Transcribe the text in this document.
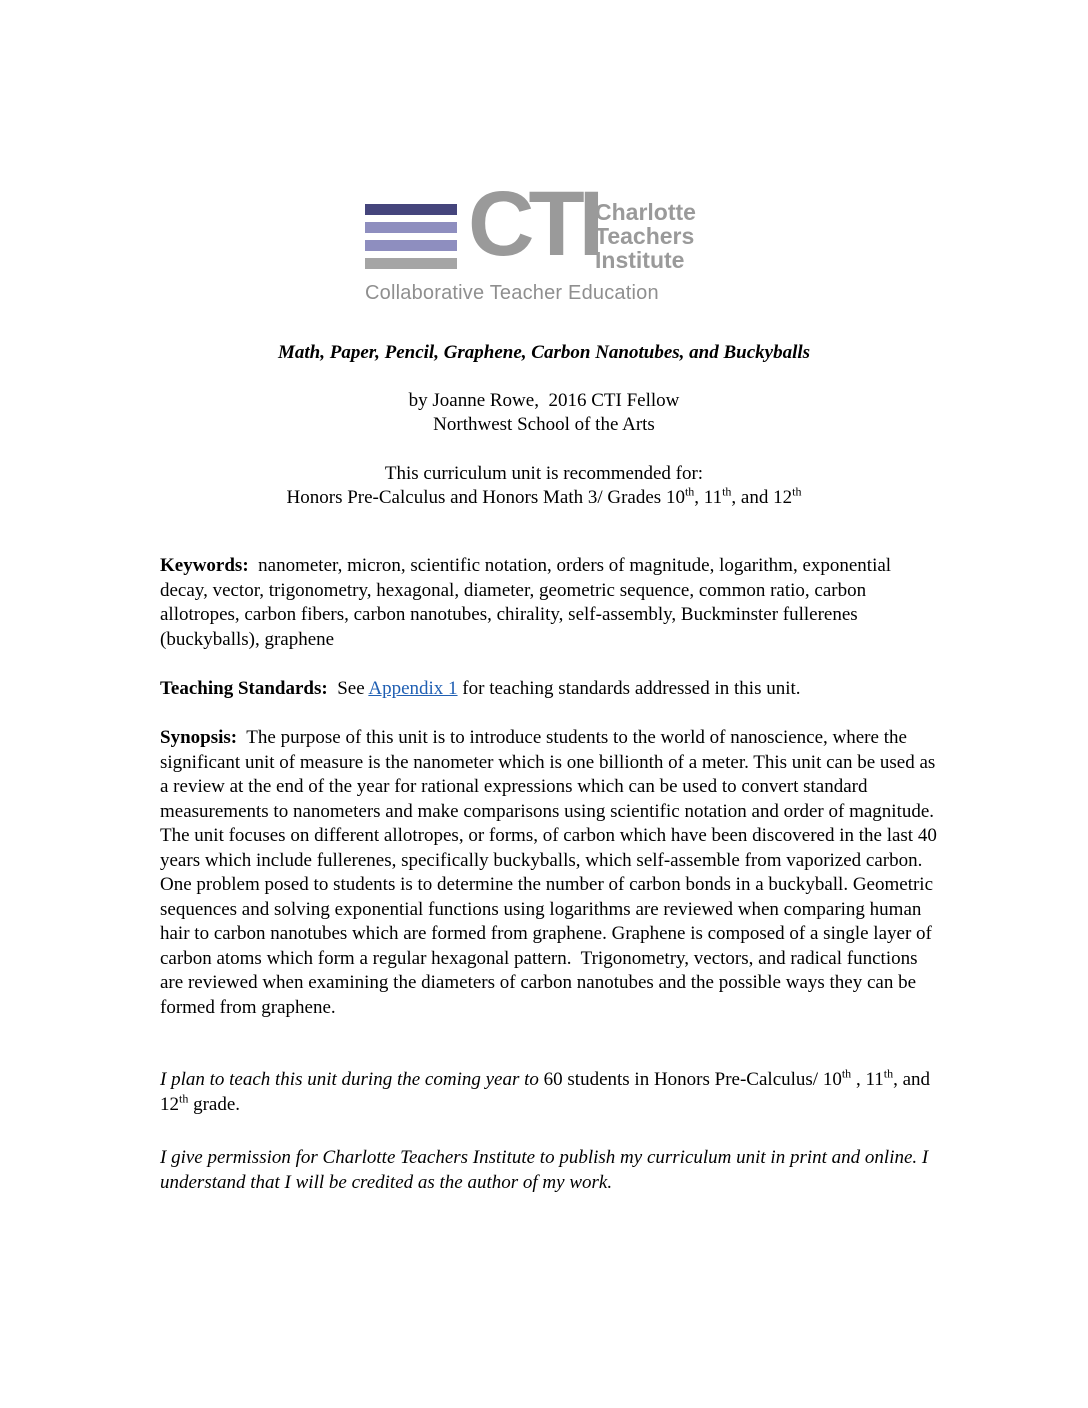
CTI
Charlotte
Teachers
Institute
Collaborative Teacher Education
Math, Paper, Pencil, Graphene, Carbon Nanotubes, and Buckyballs
by Joanne Rowe,  2016 CTI Fellow
Northwest School of the Arts
This curriculum unit is recommended for:
Honors Pre-Calculus and Honors Math 3/ Grades 10th, 11th, and 12th

Keywords: nanometer, micron, scientific notation, orders of magnitude, logarithm, exponential decay, vector, trigonometry, hexagonal, diameter, geometric sequence, common ratio, carbon allotropes, carbon fibers, carbon nanotubes, chirality, self-assembly, Buckminster fullerenes (buckyballs), graphene

Teaching Standards: See Appendix 1 for teaching standards addressed in this unit.

Synopsis: The purpose of this unit is to introduce students to the world of nanoscience, where the significant unit of measure is the nanometer which is one billionth of a meter. This unit can be used as a review at the end of the year for rational expressions which can be used to convert standard measurements to nanometers and make comparisons using scientific notation and order of magnitude. The unit focuses on different allotropes, or forms, of carbon which have been discovered in the last 40 years which include fullerenes, specifically buckyballs, which self-assemble from vaporized carbon. One problem posed to students is to determine the number of carbon bonds in a buckyball. Geometric sequences and solving exponential functions using logarithms are reviewed when comparing human hair to carbon nanotubes which are formed from graphene. Graphene is composed of a single layer of carbon atoms which form a regular hexagonal pattern.  Trigonometry, vectors, and radical functions are reviewed when examining the diameters of carbon nanotubes and the possible ways they can be formed from graphene.

I plan to teach this unit during the coming year to 60 students in Honors Pre-Calculus/ 10th , 11th, and 12th grade.

I give permission for Charlotte Teachers Institute to publish my curriculum unit in print and online. I understand that I will be credited as the author of my work.
